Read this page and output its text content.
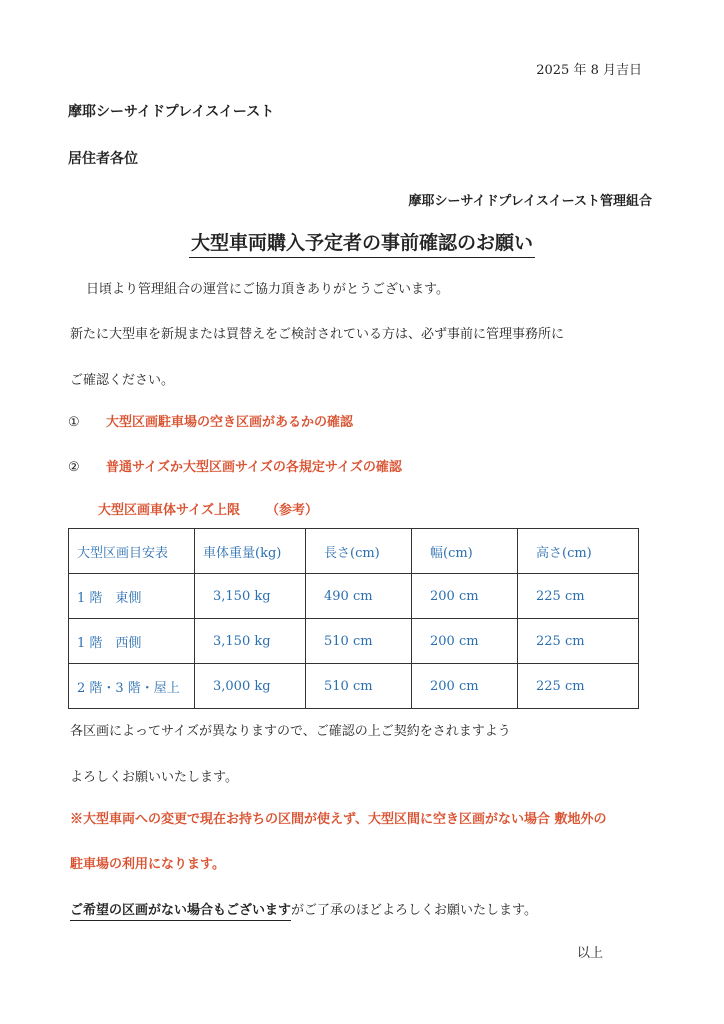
2025 年 8 月吉日
摩耶シーサイドプレイスイースト
居住者各位
摩耶シーサイドプレイスイースト管理組合
大型車両購入予定者の事前確認のお願い
日頃より管理組合の運営にご協力頂きありがとうございます。
新たに大型車を新規または買替えをご検討されている方は、必ず事前に管理事務所に
ご確認ください。
① 大型区画駐車場の空き区画があるかの確認
② 普通サイズか大型区画サイズの各規定サイズの確認
大型区画車体サイズ上限 （参考）
大型区画目安表	車体重量(kg)	長さ(cm)	幅(cm)	高さ(cm)
1 階　東側	3,150 kg	490 cm	200 cm	225 cm
1 階　西側	3,150 kg	510 cm	200 cm	225 cm
2 階・3 階・屋上	3,000 kg	510 cm	200 cm	225 cm
各区画によってサイズが異なりますので、ご確認の上ご契約をされますよう
よろしくお願いいたします。
※大型車両への変更で現在お持ちの区間が使えず、大型区間に空き区画がない場合 敷地外の
駐車場の利用になります。
ご希望の区画がない場合もございますがご了承のほどよろしくお願いたします。
以上
